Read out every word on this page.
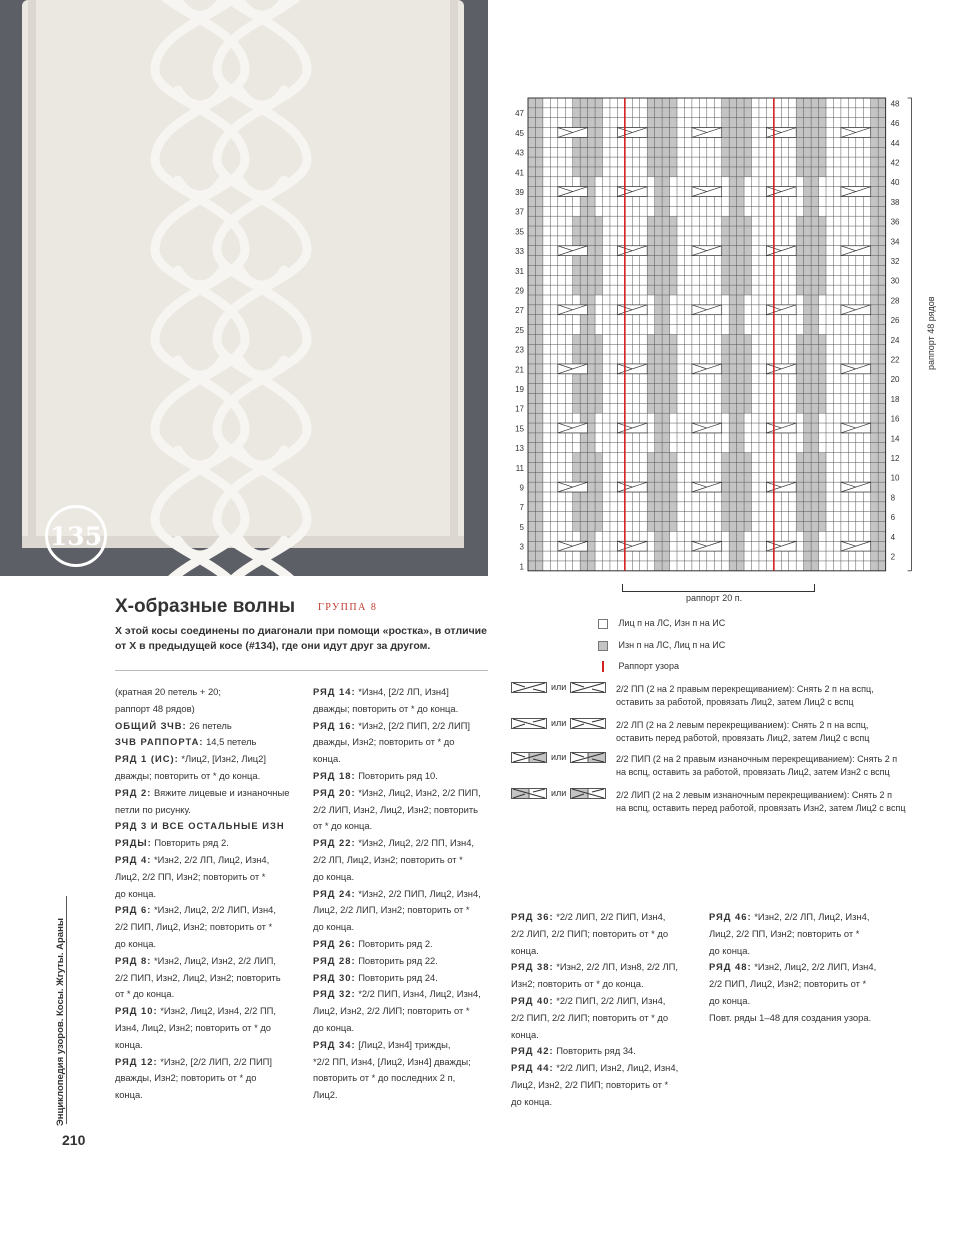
135
47
45
43
41
39
37
35
33
31
29
27
25
23
21
19
17
15
13
11
9
7
5
3
1
48
46
44
42
40
38
36
34
32
30
28
26
24
22
20
18
16
14
12
10
8
6
4
2
раппорт 48 рядов
раппорт 20 п.
Лиц п на ЛС, Изн п на ИС
Изн п на ЛС, Лиц п на ИС
Раппорт узора
или	2/2 ПП (2 на 2 правым перекрещиванием): Снять 2 п на вспц,
оставить за работой, провязать Лиц2, затем Лиц2 с вспц
или	2/2 ЛП (2 на 2 левым перекрещиванием): Снять 2 п на вспц,
оставить перед работой, провязать Лиц2, затем Лиц2 с вспц
или	2/2 ПИП (2 на 2 правым изнаночным перекрещиванием): Снять 2 п
на вспц, оставить за работой, провязать Лиц2, затем Изн2 с вспц
или	2/2 ЛИП (2 на 2 левым изнаночным перекрещиванием): Снять 2 п
на вспц, оставить перед работой, провязать Изн2, затем Лиц2 с вспц
X-образные волны ГРУППА 8
X этой косы соединены по диагонали при помощи «ростка», в отличие от X в предыдущей косе (#134), где они идут друг за другом.

(кратная 20 петель + 20;

раппорт 48 рядов)

ОБЩИЙ ЗЧВ: 26 петель

ЗЧВ РАППОРТА: 14,5 петель

РЯД 1 (ИС): *Лиц2, [Изн2, Лиц2]

дважды; повторить от * до конца.

РЯД 2: Вяжите лицевые и изнаночные

петли по рисунку.

РЯД 3 И ВСЕ ОСТАЛЬНЫЕ ИЗН

РЯДЫ: Повторить ряд 2.

РЯД 4: *Изн2, 2/2 ЛП, Лиц2, Изн4,

Лиц2, 2/2 ПП, Изн2; повторить от *

до конца.

РЯД 6: *Изн2, Лиц2, 2/2 ЛИП, Изн4,

2/2 ПИП, Лиц2, Изн2; повторить от *

до конца.

РЯД 8: *Изн2, Лиц2, Изн2, 2/2 ЛИП,

2/2 ПИП, Изн2, Лиц2, Изн2; повторить

от * до конца.

РЯД 10: *Изн2, Лиц2, Изн4, 2/2 ПП,

Изн4, Лиц2, Изн2; повторить от * до

конца.

РЯД 12: *Изн2, [2/2 ЛИП, 2/2 ПИП]

дважды, Изн2; повторить от * до

конца.

РЯД 14: *Изн4, [2/2 ЛП, Изн4]

дважды; повторить от * до конца.

РЯД 16: *Изн2, [2/2 ПИП, 2/2 ЛИП]

дважды, Изн2; повторить от * до

конца.

РЯД 18: Повторить ряд 10.

РЯД 20: *Изн2, Лиц2, Изн2, 2/2 ПИП,

2/2 ЛИП, Изн2, Лиц2, Изн2; повторить

от * до конца.

РЯД 22: *Изн2, Лиц2, 2/2 ПП, Изн4,

2/2 ЛП, Лиц2, Изн2; повторить от *

до конца.

РЯД 24: *Изн2, 2/2 ПИП, Лиц2, Изн4,

Лиц2, 2/2 ЛИП, Изн2; повторить от *

до конца.

РЯД 26: Повторить ряд 2.

РЯД 28: Повторить ряд 22.

РЯД 30: Повторить ряд 24.

РЯД 32: *2/2 ПИП, Изн4, Лиц2, Изн4,

Лиц2, Изн2, 2/2 ЛИП; повторить от *

до конца.

РЯД 34: [Лиц2, Изн4] трижды,

*2/2 ПП, Изн4, [Лиц2, Изн4] дважды;

повторить от * до последних 2 п,

Лиц2.

РЯД 36: *2/2 ЛИП, 2/2 ПИП, Изн4,

2/2 ЛИП, 2/2 ПИП; повторить от * до

конца.

РЯД 38: *Изн2, 2/2 ЛП, Изн8, 2/2 ЛП,

Изн2; повторить от * до конца.

РЯД 40: *2/2 ПИП, 2/2 ЛИП, Изн4,

2/2 ПИП, 2/2 ЛИП; повторить от * до

конца.

РЯД 42: Повторить ряд 34.

РЯД 44: *2/2 ЛИП, Изн2, Лиц2, Изн4,

Лиц2, Изн2, 2/2 ПИП; повторить от *

до конца.

РЯД 46: *Изн2, 2/2 ЛП, Лиц2, Изн4,

Лиц2, 2/2 ПП, Изн2; повторить от *

до конца.

РЯД 48: *Изн2, Лиц2, 2/2 ЛИП, Изн4,

2/2 ПИП, Лиц2, Изн2; повторить от *

до конца.

Повт. ряды 1–48 для создания узора.

Энциклопедия узоров. Косы. Жгуты. Араны
210
